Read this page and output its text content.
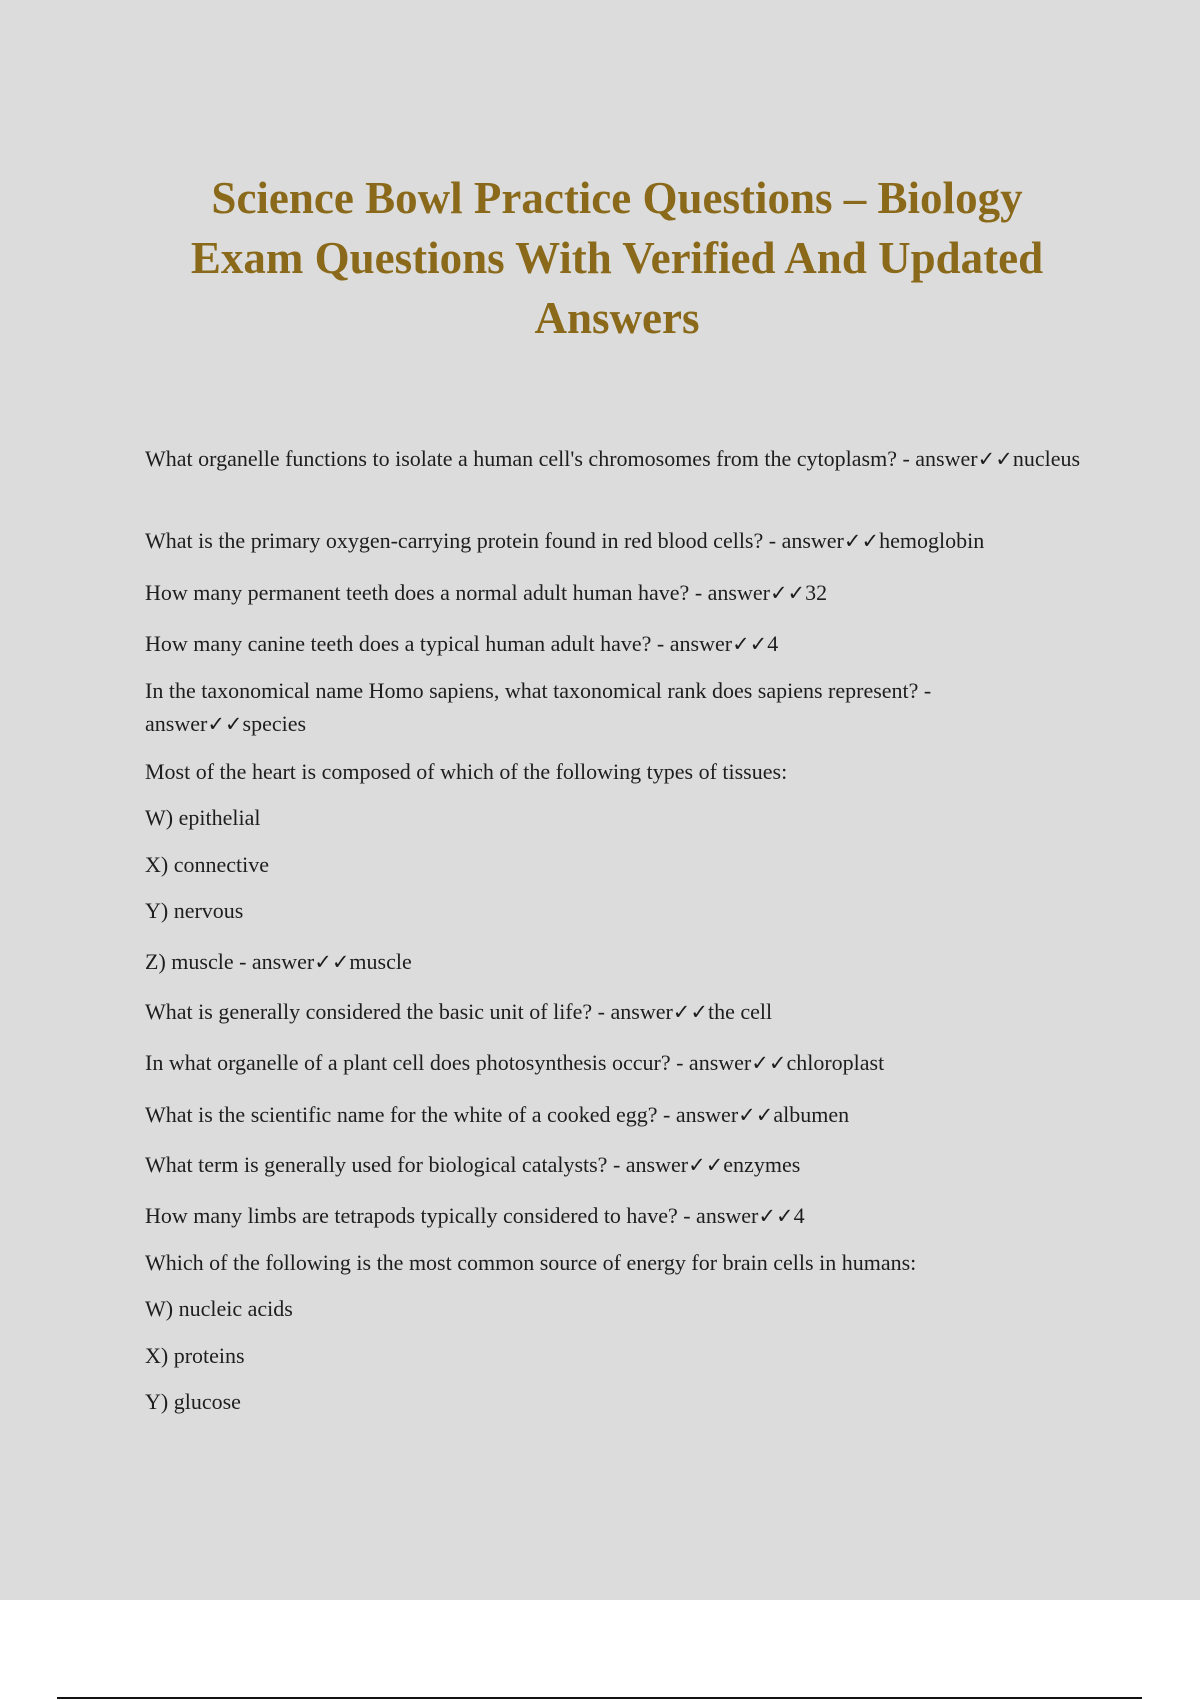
Science Bowl Practice Questions – Biology
Exam Questions With Verified And Updated
Answers

What organelle functions to isolate a human cell's chromosomes from the cytoplasm? - answer✓✓nucleus

What is the primary oxygen-carrying protein found in red blood cells? - answer✓✓hemoglobin

How many permanent teeth does a normal adult human have? - answer✓✓32

How many canine teeth does a typical human adult have? - answer✓✓4

In the taxonomical name Homo sapiens, what taxonomical rank does sapiens represent? - answer✓✓species

Most of the heart is composed of which of the following types of tissues:

W) epithelial

X) connective

Y) nervous

Z) muscle - answer✓✓muscle

What is generally considered the basic unit of life? - answer✓✓the cell

In what organelle of a plant cell does photosynthesis occur? - answer✓✓chloroplast

What is the scientific name for the white of a cooked egg? - answer✓✓albumen

What term is generally used for biological catalysts? - answer✓✓enzymes

How many limbs are tetrapods typically considered to have? - answer✓✓4

Which of the following is the most common source of energy for brain cells in humans:

W) nucleic acids

X) proteins

Y) glucose
